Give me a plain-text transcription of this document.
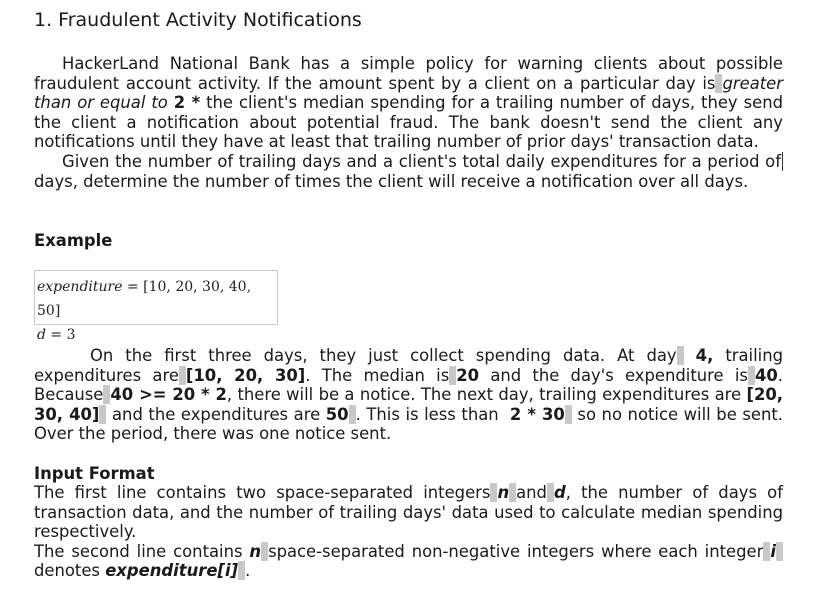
1. Fraudulent Activity Notifications

HackerLand National Bank has a simple policy for warning clients about possible fraudulent account activity. If the amount spent by a client on a particular day is greater than or equal to 2 * the client's median spending for a trailing number of days, they send the client a notification about potential fraud. The bank doesn't send the client any notifications until they have at least that trailing number of prior days' transaction data.
Given the number of trailing days and a client's total daily expenditures for a period of days, determine the number of times the client will receive a notification over all days.

Example
expenditure = [10, 20, 30, 40, 50]
d = 3

On the first three days, they just collect spending data. At day 4, trailing expenditures are [10, 20, 30]. The median is 20 and the day's expenditure is 40. Because 40 >= 20 * 2, there will be a notice. The next day, trailing expenditures are [20, 30, 40] and the expenditures are 50 . This is less than 2 * 30 so no notice will be sent. Over the period, there was one notice sent.

Input Format

The first line contains two space-separated integers n and d, the number of days of transaction data, and the number of trailing days' data used to calculate median spending respectively.
The second line contains n space-separated non-negative integers where each integer idenotes expenditure[i] .
